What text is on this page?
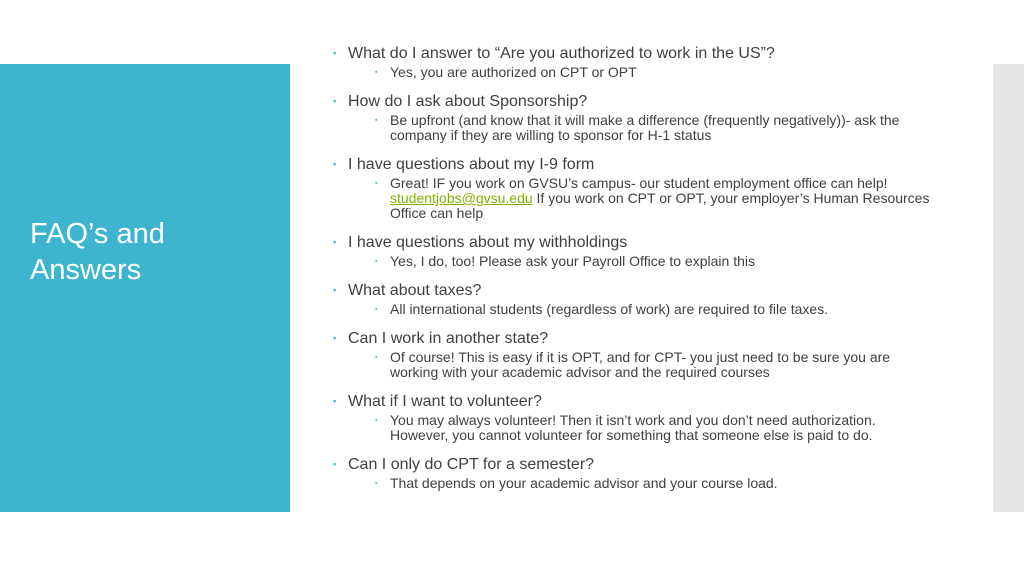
FAQ’s and
Answers
▪ What do I answer to “Are you authorized to work in the US”?
▪ Yes, you are authorized on CPT or OPT
▪ How do I ask about Sponsorship?
▪ Be upfront (and know that it will make a difference (frequently negatively))- ask the company if they are willing to sponsor for H-1 status
▪ I have questions about my I-9 form
▪ Great! IF you work on GVSU’s campus- our student employment office can help! studentjobs@gvsu.edu If you work on CPT or OPT, your employer’s Human Resources Office can help
▪ I have questions about my withholdings
▪ Yes, I do, too! Please ask your Payroll Office to explain this
▪ What about taxes?
▪ All international students (regardless of work) are required to file taxes.
▪ Can I work in another state?
▪ Of course! This is easy if it is OPT, and for CPT- you just need to be sure you are working with your academic advisor and the required courses
▪ What if I want to volunteer?
▪ You may always volunteer! Then it isn’t work and you don’t need authorization. However, you cannot volunteer for something that someone else is paid to do.
▪ Can I only do CPT for a semester?
▪ That depends on your academic advisor and your course load.
